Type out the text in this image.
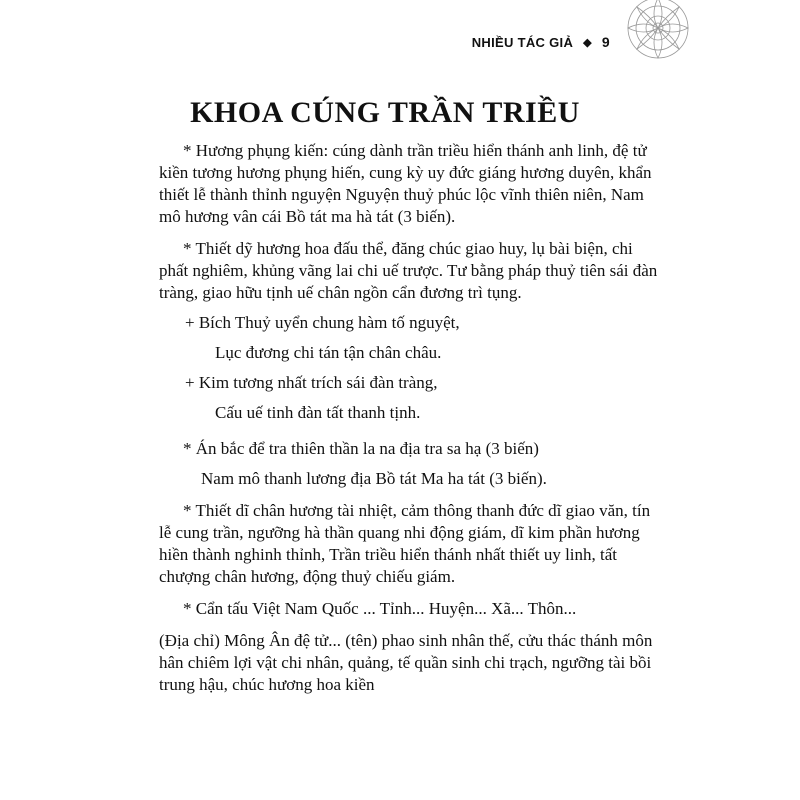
NHIỀU TÁC GIẢ ◆ 9
KHOA CÚNG TRẦN TRIỀU

* Hương phụng kiến: cúng dành trần triều hiển thánh anh linh, đệ tử kiền tương hương phụng hiến, cung kỳ uy đức giáng hương duyên, khẩn thiết lễ thành thỉnh nguyện Nguyện thuỷ phúc lộc vĩnh thiên niên, Nam mô hương vân cái Bồ tát ma hà tát (3 biến).

* Thiết dỹ hương hoa đấu thể, đăng chúc giao huy, lụ bài biện, chi phất nghiêm, khủng vãng lai chi uế trược. Tư bằng pháp thuỷ tiên sái đàn tràng, giao hữu tịnh uế chân ngồn cẩn đương trì tụng.

+ Bích Thuỷ uyển chung hàm tố nguyệt,

Lục đương chi tán tận chân châu.

+ Kim tương nhất trích sái đàn tràng,

Cấu uế tinh đàn tất thanh tịnh.

* Án bắc để tra thiên thần la na địa tra sa hạ (3 biến)

Nam mô thanh lương địa Bồ tát Ma ha tát (3 biến).

* Thiết dĩ chân hương tài nhiệt, cảm thông thanh đức dĩ giao văn, tín lễ cung trần, ngưỡng hà thần quang nhi động giám, dĩ kim phần hương hiền thành nghinh thỉnh, Trần triều hiển thánh nhất thiết uy linh, tất chượng chân hương, động thuỷ chiếu giám.

* Cẩn tấu Việt Nam Quốc ... Tỉnh... Huyện... Xã... Thôn...

(Địa chỉ) Mông Ân đệ tử... (tên) phao sinh nhân thế, cửu thác thánh môn hân chiêm lợi vật chi nhân, quảng, tế quần sinh chi trạch, ngưỡng tài bồi trung hậu, chúc hương hoa kiền
